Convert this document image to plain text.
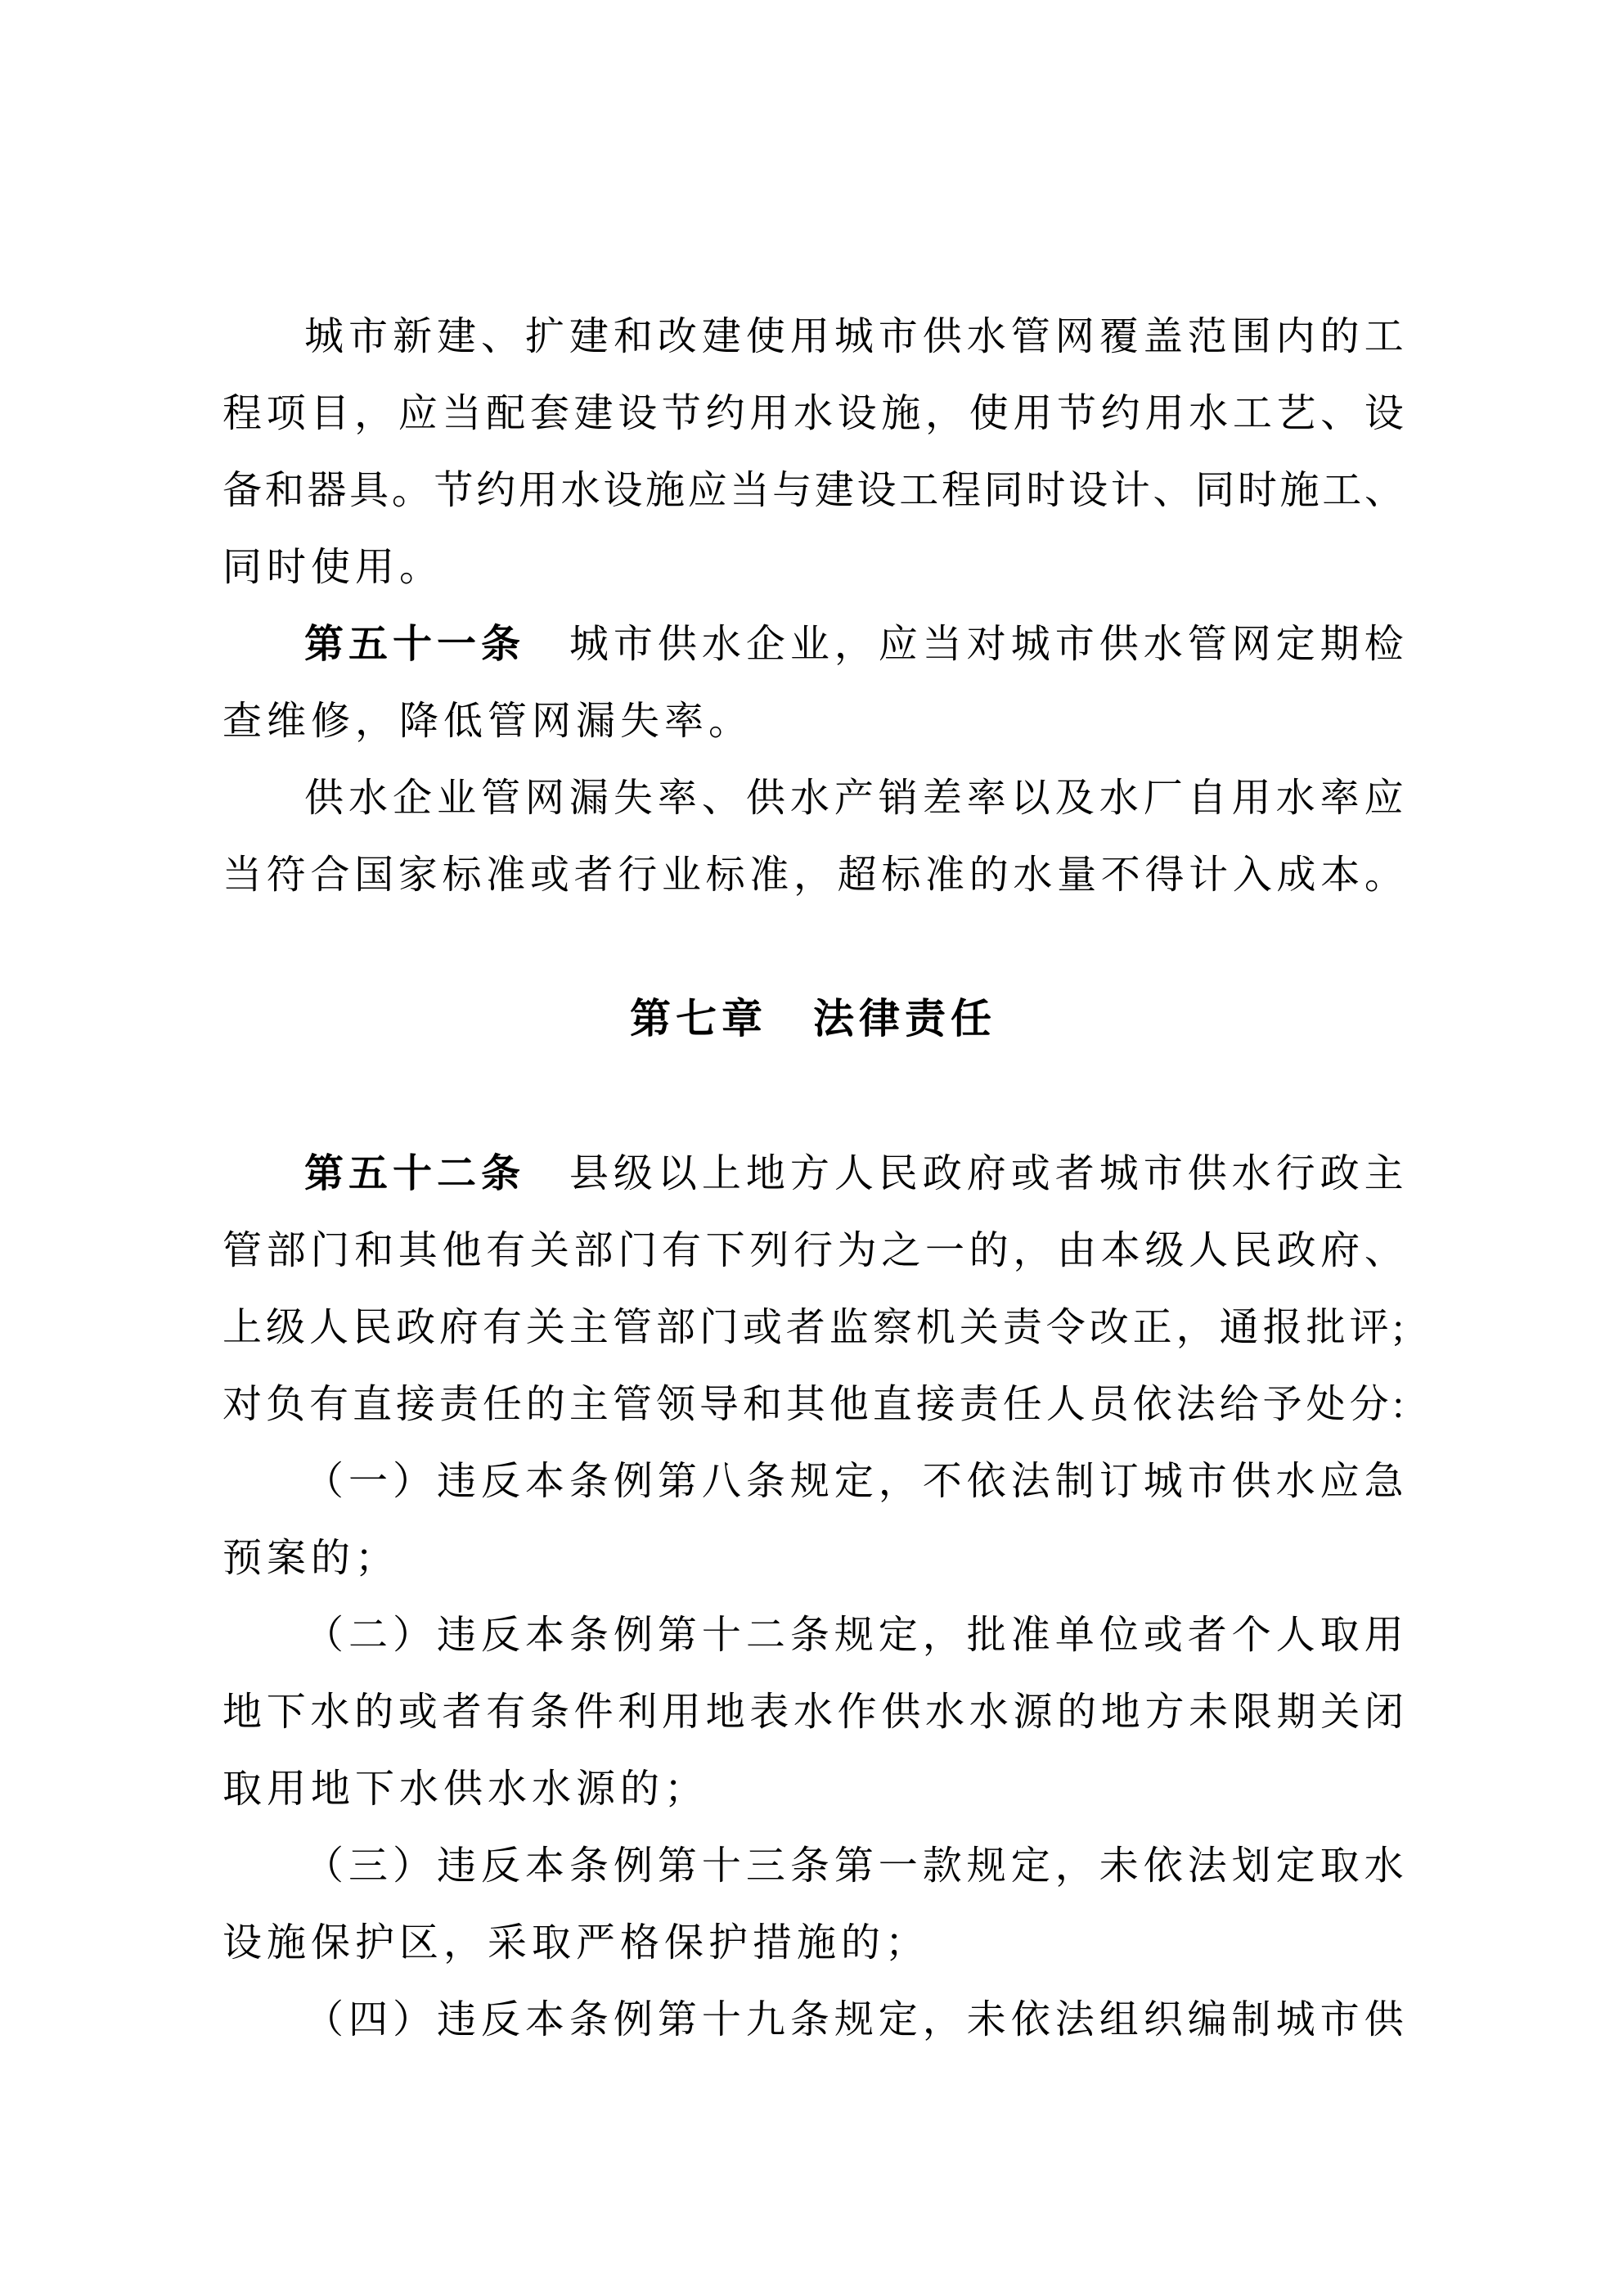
城 市 新 建 、 扩 建 和 改 建 使 用 城 市 供 水 管 网 覆 盖 范 围 内 的 工
程 项 目 ， 应 当 配 套 建 设 节 约 用 水 设 施 ， 使 用 节 约 用 水 工 艺 、 设
备 和 器 具 。 节 约 用 水 设 施 应 当 与 建 设 工 程 同 时 设 计 、 同 时 施 工 、
同时使用。
第 五 十 一 条
　 城 市 供 水 企 业 ， 应 当 对 城 市 供 水 管 网 定 期 检
查维修，降低管网漏失率。
供 水 企 业 管 网 漏 失 率 、 供 水 产 销 差 率 以 及 水 厂 自 用 水 率 应
当 符 合 国 家 标 准 或 者 行 业 标 准 ， 超 标 准 的 水 量 不 得 计 入 成 本 。
第七章　法律责任
第 五 十 二 条
　 县 级 以 上 地 方 人 民 政 府 或 者 城 市 供 水 行 政 主
管 部 门 和 其 他 有 关 部 门 有 下 列 行 为 之 一 的 ， 由 本 级 人 民 政 府 、
上 级 人 民 政 府 有 关 主 管 部 门 或 者 监 察 机 关 责 令 改 正 ， 通 报 批 评 ;
对 负 有 直 接 责 任 的 主 管 领 导 和 其 他 直 接 责 任 人 员 依 法 给 予 处 分 :
（ 一 ） 违 反 本 条 例 第 八 条 规 定 ， 不 依 法 制 订 城 市 供 水 应 急
预案的；
（ 二 ） 违 反 本 条 例 第 十 二 条 规 定 ， 批 准 单 位 或 者 个 人 取 用
地 下 水 的 或 者 有 条 件 利 用 地 表 水 作 供 水 水 源 的 地 方 未 限 期 关 闭
取用地下水供水水源的；
（ 三 ） 违 反 本 条 例 第 十 三 条 第 一 款 规 定 ， 未 依 法 划 定 取 水
设施保护区，采取严格保护措施的；
（ 四 ） 违 反 本 条 例 第 十 九 条 规 定 ， 未 依 法 组 织 编 制 城 市 供
